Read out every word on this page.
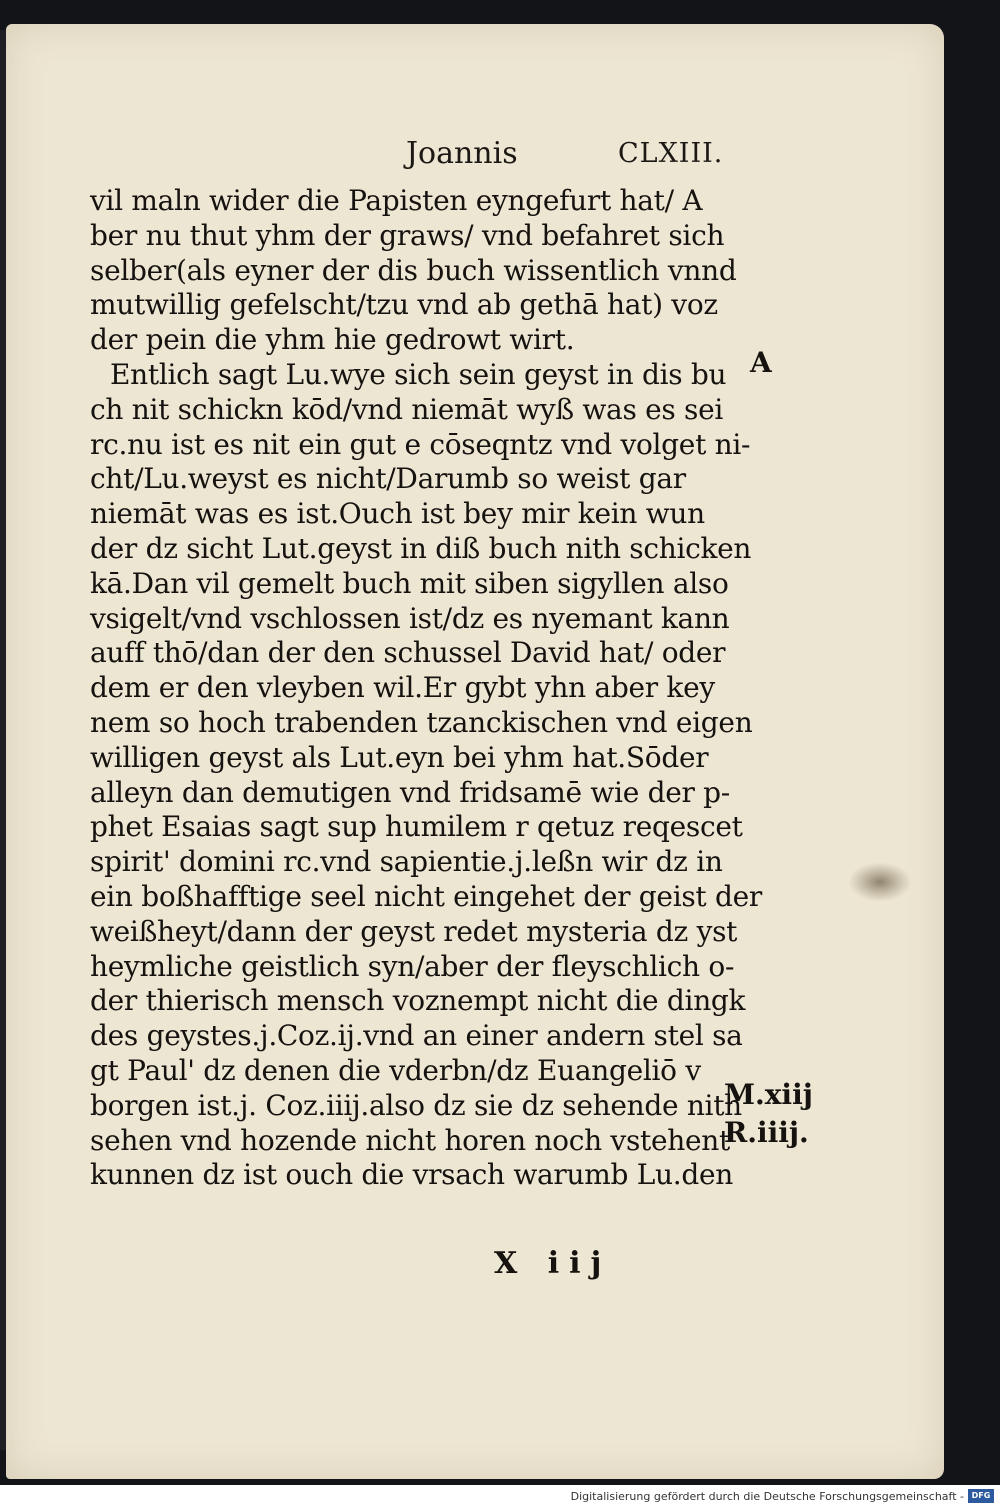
Joannis	CLXIII.
vil maln wider die Papisten eyngefurt hat/ A
ber nu thut yhm der graws/ vnd befahret sich
selber(als eyner der dis buch wissentlich vnnd
mutwillig gefelscht/tzu vnd ab gethā hat) voz
der pein die yhm hie gedrowt wirt.
Entlich sagt Lu.wye sich sein geyst in dis bu
ch nit schickn kōd/vnd niemāt wyß was es sei
rc.nu ist es nit ein gut e cōseqntz vnd volget ni-
cht/Lu.weyst es nicht/Darumb so weist gar
niemāt was es ist.Ouch ist bey mir kein wun
der dz sicht Lut.geyst in diß buch nith schicken
kā.Dan vil gemelt buch mit siben sigyllen also
vsigelt/vnd vschlossen ist/dz es nyemant kann
auff thō/dan der den schussel David hat/ oder
dem er den vleyben wil.Er gybt yhn aber key
nem so hoch trabenden tzanckischen vnd eigen
willigen geyst als Lut.eyn bei yhm hat.Sōder
alleyn dan demutigen vnd fridsamē wie der p-
phet Esaias sagt sup humilem r qetuz reqescet
spirit' domini rc.vnd sapientie.j.leßn wir dz in
ein boßhafftige seel nicht eingehet der geist der
weißheyt/dann der geyst redet mysteria dz yst
heymliche geistlich syn/aber der fleyschlich o-
der thierisch mensch voznempt nicht die dingk
des geystes.j.Coz.ij.vnd an einer andern stel sa
gt Paul' dz denen die vderbn/dz Euangeliō v
borgen ist.j. Coz.iiij.also dz sie dz sehende nith
sehen vnd hozende nicht horen noch vstehent
kunnen dz ist ouch die vrsach warumb Lu.den
A
M.xiij
R.iiij.
X iij
Digitalisierung gefördert durch die Deutsche Forschungsgemeinschaft - DFG
